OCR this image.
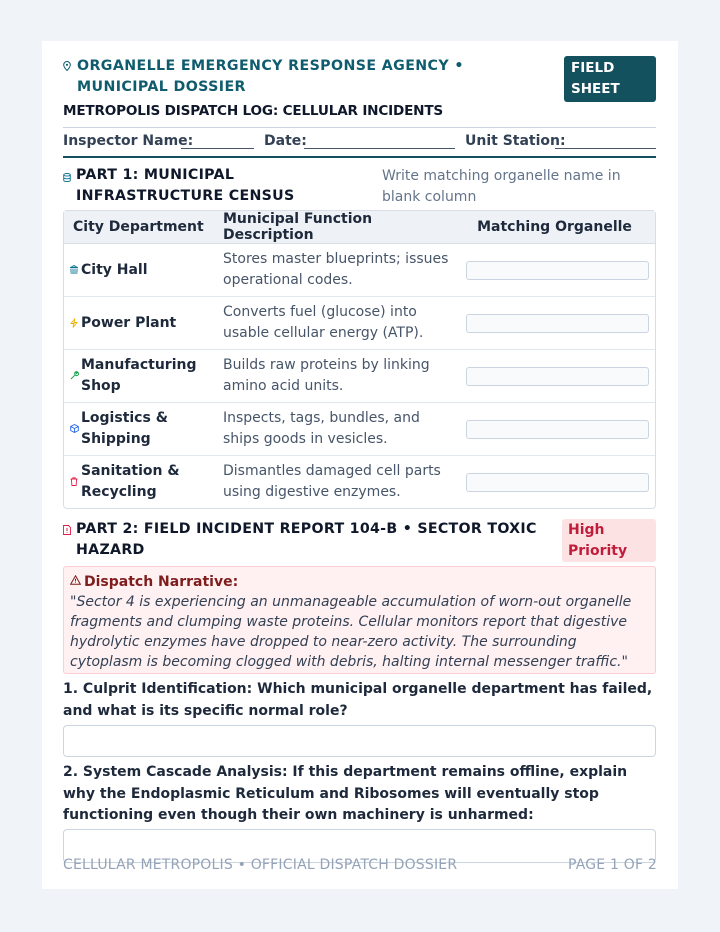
ORGANELLE EMERGENCY RESPONSE AGENCY • MUNICIPAL DOSSIER
FIELD SHEET
METROPOLIS DISPATCH LOG: CELLULAR INCIDENTS
Inspector Name:	Date:	Unit Station:
PART 1: MUNICIPAL INFRASTRUCTURE CENSUS
Write matching organelle name in blank column
City Department	Municipal Function Description	Matching Organelle

City Hall	Stores master blueprints; issues operational codes.	

Power Plant	Converts fuel (glucose) into usable cellular energy (ATP).	

Manufacturing Shop	Builds raw proteins by linking amino acid units.	

Logistics & Shipping	Inspects, tags, bundles, and ships goods in vesicles.	

Sanitation & Recycling	Dismantles damaged cell parts using digestive enzymes.	
PART 2: FIELD INCIDENT REPORT 104-B • SECTOR TOXIC HAZARD
High Priority
Dispatch Narrative:
"Sector 4 is experiencing an unmanageable accumulation of worn-out organelle fragments and clumping waste proteins. Cellular monitors report that digestive hydrolytic enzymes have dropped to near-zero activity. The surrounding cytoplasm is becoming clogged with debris, halting internal messenger traffic."
1. Culprit Identification: Which municipal organelle department has failed, and what is its specific normal role?
2. System Cascade Analysis: If this department remains offline, explain why the Endoplasmic Reticulum and Ribosomes will eventually stop functioning even though their own machinery is unharmed:
CELLULAR METROPOLIS • OFFICIAL DISPATCH DOSSIER	PAGE 1 OF 2
